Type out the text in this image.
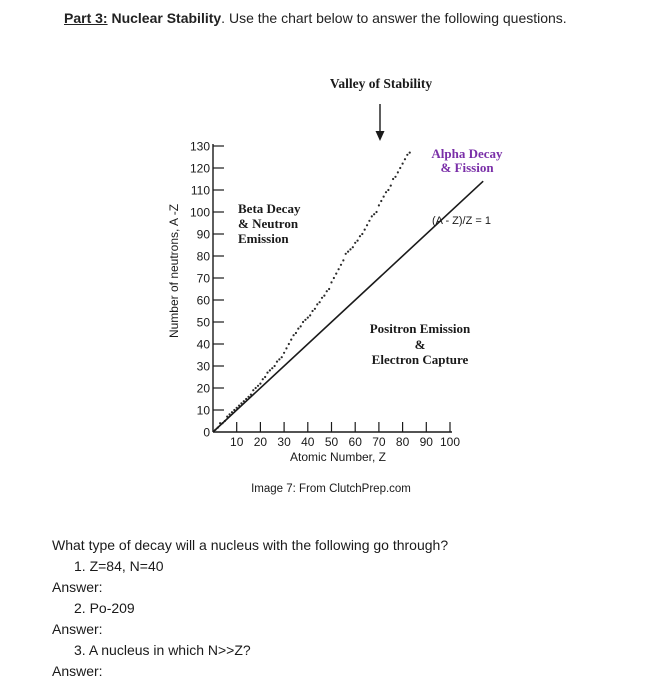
Part 3: Nuclear Stability. Use the chart below to answer the following questions.
Valley of Stability
0
10
20
30
40
50
60
70
80
90
100
110
120
130
10 20 30 40 50 60 70 80 90 100
Number of neutrons, A -Z
Atomic Number, Z
Beta Decay
& Neutron
Emission
Alpha Decay
& Fission
(A - Z)/Z = 1
Positron Emission
&
Electron Capture
Image 7: From ClutchPrep.com
What type of decay will a nucleus with the following go through?
1. Z=84, N=40
Answer:
2. Po-209
Answer:
3. A nucleus in which N>>Z?
Answer:
